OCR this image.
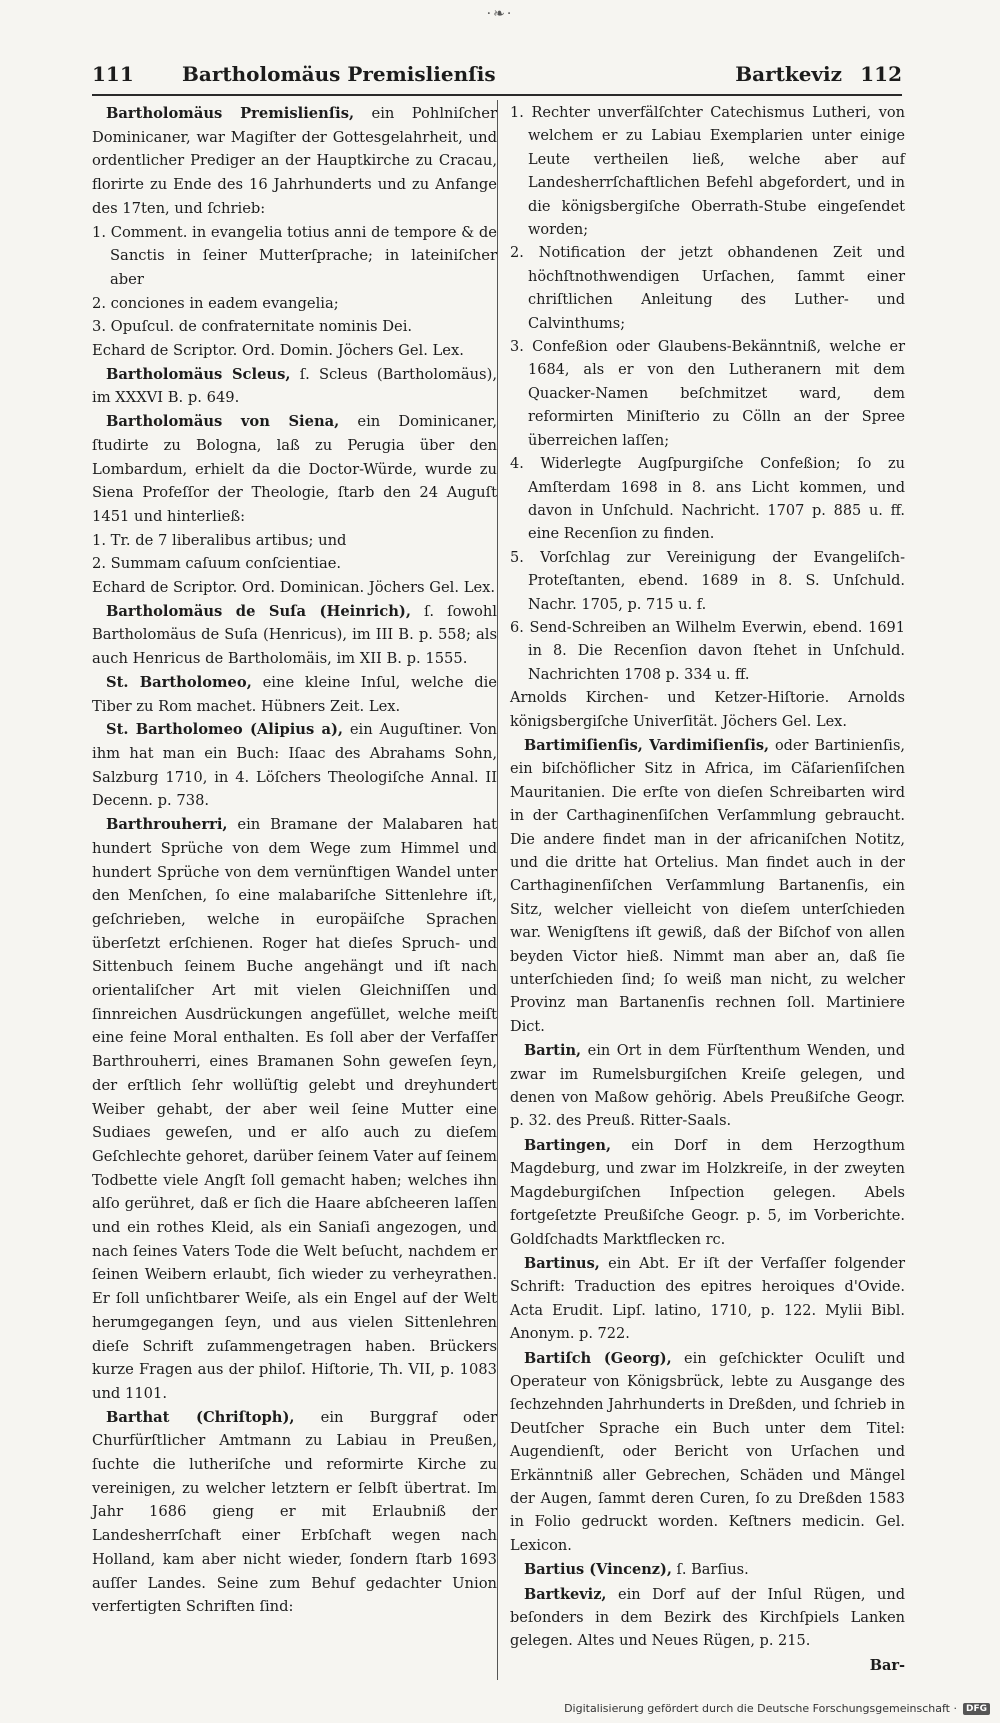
·❧·
111 Bartholomäus Premislienſis	Bartkeviz 112

Bartholomäus Premislienſis, ein Pohlniſcher Dominicaner, war Magiſter der Gottesgelahrheit, und ordentlicher Prediger an der Hauptkirche zu Cracau, florirte zu Ende des 16 Jahrhunderts und zu Anfange des 17ten, und ſchrieb:

1. Comment. in evangelia totius anni de tempore & de Sanctis in ſeiner Mutterſprache; in lateiniſcher aber

2. conciones in eadem evangelia;

3. Opuſcul. de confraternitate nominis Dei.

Echard de Scriptor. Ord. Domin. Jöchers Gel. Lex.

Bartholomäus Scleus, ſ. Scleus (Bartholomäus), im XXXVI B. p. 649.

Bartholomäus von Siena, ein Dominicaner, ſtudirte zu Bologna, laß zu Perugia über den Lombardum, erhielt da die Doctor-Würde, wurde zu Siena Profeſſor der Theologie, ſtarb den 24 Auguſt 1451 und hinterließ:

1. Tr. de 7 liberalibus artibus; und

2. Summam caſuum conſcientiae.

Echard de Scriptor. Ord. Dominican. Jöchers Gel. Lex.

Bartholomäus de Suſa (Heinrich), ſ. ſowohl Bartholomäus de Suſa (Henricus), im III B. p. 558; als auch Henricus de Bartholomäis, im XII B. p. 1555.

St. Bartholomeo, eine kleine Inſul, welche die Tiber zu Rom machet. Hübners Zeit. Lex.

St. Bartholomeo (Alipius a), ein Auguſtiner. Von ihm hat man ein Buch: Iſaac des Abrahams Sohn, Salzburg 1710, in 4. Löſchers Theologiſche Annal. II Decenn. p. 738.

Barthrouherri, ein Bramane der Malabaren hat hundert Sprüche von dem Wege zum Himmel und hundert Sprüche von dem vernünftigen Wandel unter den Menſchen, ſo eine malabariſche Sittenlehre iſt, geſchrieben, welche in europäiſche Sprachen überſetzt erſchienen. Roger hat dieſes Spruch- und Sittenbuch ſeinem Buche angehängt und iſt nach orientaliſcher Art mit vielen Gleichniſſen und ſinnreichen Ausdrückungen angefüllet, welche meiſt eine feine Moral enthalten. Es ſoll aber der Verfaſſer Barthrouherri, eines Bramanen Sohn geweſen ſeyn, der erſtlich ſehr wollüſtig gelebt und dreyhundert Weiber gehabt, der aber weil ſeine Mutter eine Sudiaes geweſen, und er alſo auch zu dieſem Geſchlechte gehoret, darüber ſeinem Vater auf ſeinem Todbette viele Angſt ſoll gemacht haben; welches ihn alſo gerühret, daß er ſich die Haare abſcheeren laſſen und ein rothes Kleid, als ein Saniaſi angezogen, und nach ſeines Vaters Tode die Welt beſucht, nachdem er ſeinen Weibern erlaubt, ſich wieder zu verheyrathen. Er ſoll unſichtbarer Weiſe, als ein Engel auf der Welt herumgegangen ſeyn, und aus vielen Sittenlehren dieſe Schrift zuſammengetragen haben. Brückers kurze Fragen aus der philoſ. Hiſtorie, Th. VII, p. 1083 und 1101.

Barthat (Chriſtoph), ein Burggraf oder Churfürſtlicher Amtmann zu Labiau in Preußen, ſuchte die lutheriſche und reformirte Kirche zu vereinigen, zu welcher letztern er ſelbſt übertrat. Im Jahr 1686 gieng er mit Erlaubniß der Landesherrſchaft einer Erbſchaft wegen nach Holland, kam aber nicht wieder, ſondern ſtarb 1693 auſſer Landes. Seine zum Behuf gedachter Union verfertigten Schriften ſind:

1. Rechter unverfälſchter Catechismus Lutheri, von welchem er zu Labiau Exemplarien unter einige Leute vertheilen ließ, welche aber auf Landesherrſchaftlichen Befehl abgefordert, und in die königsbergiſche Oberrath-Stube eingeſendet worden;

2. Notification der jetzt obhandenen Zeit und höchſtnothwendigen Urſachen, ſammt einer chriſtlichen Anleitung des Luther- und Calvinthums;

3. Confeßion oder Glaubens-Bekänntniß, welche er 1684, als er von den Lutheranern mit dem Quacker-Namen beſchmitzet ward, dem reformirten Miniſterio zu Cölln an der Spree überreichen laſſen;

4. Widerlegte Augſpurgiſche Confeßion; ſo zu Amſterdam 1698 in 8. ans Licht kommen, und davon in Unſchuld. Nachricht. 1707 p. 885 u. ff. eine Recenſion zu finden.

5. Vorſchlag zur Vereinigung der Evangeliſch-Proteſtanten, ebend. 1689 in 8. S. Unſchuld. Nachr. 1705, p. 715 u. f.

6. Send-Schreiben an Wilhelm Everwin, ebend. 1691 in 8. Die Recenſion davon ſtehet in Unſchuld. Nachrichten 1708 p. 334 u. ff.

Arnolds Kirchen- und Ketzer-Hiſtorie. Arnolds königsbergiſche Univerſität. Jöchers Gel. Lex.

Bartimiſienſis, Vardimiſienſis, oder Bartinienſis, ein biſchöflicher Sitz in Africa, im Cäſarienſiſchen Mauritanien. Die erſte von dieſen Schreibarten wird in der Carthaginenſiſchen Verſammlung gebraucht. Die andere findet man in der africaniſchen Notitz, und die dritte hat Ortelius. Man findet auch in der Carthaginenſiſchen Verſammlung Bartanenſis, ein Sitz, welcher vielleicht von dieſem unterſchieden war. Wenigſtens iſt gewiß, daß der Biſchof von allen beyden Victor hieß. Nimmt man aber an, daß ſie unterſchieden ſind; ſo weiß man nicht, zu welcher Provinz man Bartanenſis rechnen ſoll. Martiniere Dict.

Bartin, ein Ort in dem Fürſtenthum Wenden, und zwar im Rumelsburgiſchen Kreiſe gelegen, und denen von Maßow gehörig. Abels Preußiſche Geogr. p. 32. des Preuß. Ritter-Saals.

Bartingen, ein Dorf in dem Herzogthum Magdeburg, und zwar im Holzkreiſe, in der zweyten Magdeburgiſchen Inſpection gelegen. Abels fortgeſetzte Preußiſche Geogr. p. 5, im Vorberichte. Goldſchadts Marktflecken rc.

Bartinus, ein Abt. Er iſt der Verfaſſer folgender Schrift: Traduction des epitres heroiques d'Ovide. Acta Erudit. Lipſ. latino, 1710, p. 122. Mylii Bibl. Anonym. p. 722.

Bartiſch (Georg), ein geſchickter Oculiſt und Operateur von Königsbrück, lebte zu Ausgange des ſechzehnden Jahrhunderts in Dreßden, und ſchrieb in Deutſcher Sprache ein Buch unter dem Titel: Augendienſt, oder Bericht von Urſachen und Erkänntniß aller Gebrechen, Schäden und Mängel der Augen, ſammt deren Curen, ſo zu Dreßden 1583 in Folio gedruckt worden. Keſtners medicin. Gel. Lexicon.

Bartius (Vincenz), ſ. Barſius.

Bartkeviz, ein Dorf auf der Inſul Rügen, und beſonders in dem Bezirk des Kirchſpiels Lanken gelegen. Altes und Neues Rügen, p. 215.

Bar‑

Digitalisierung gefördert durch die Deutsche Forschungsgemeinschaft ·	DFG
